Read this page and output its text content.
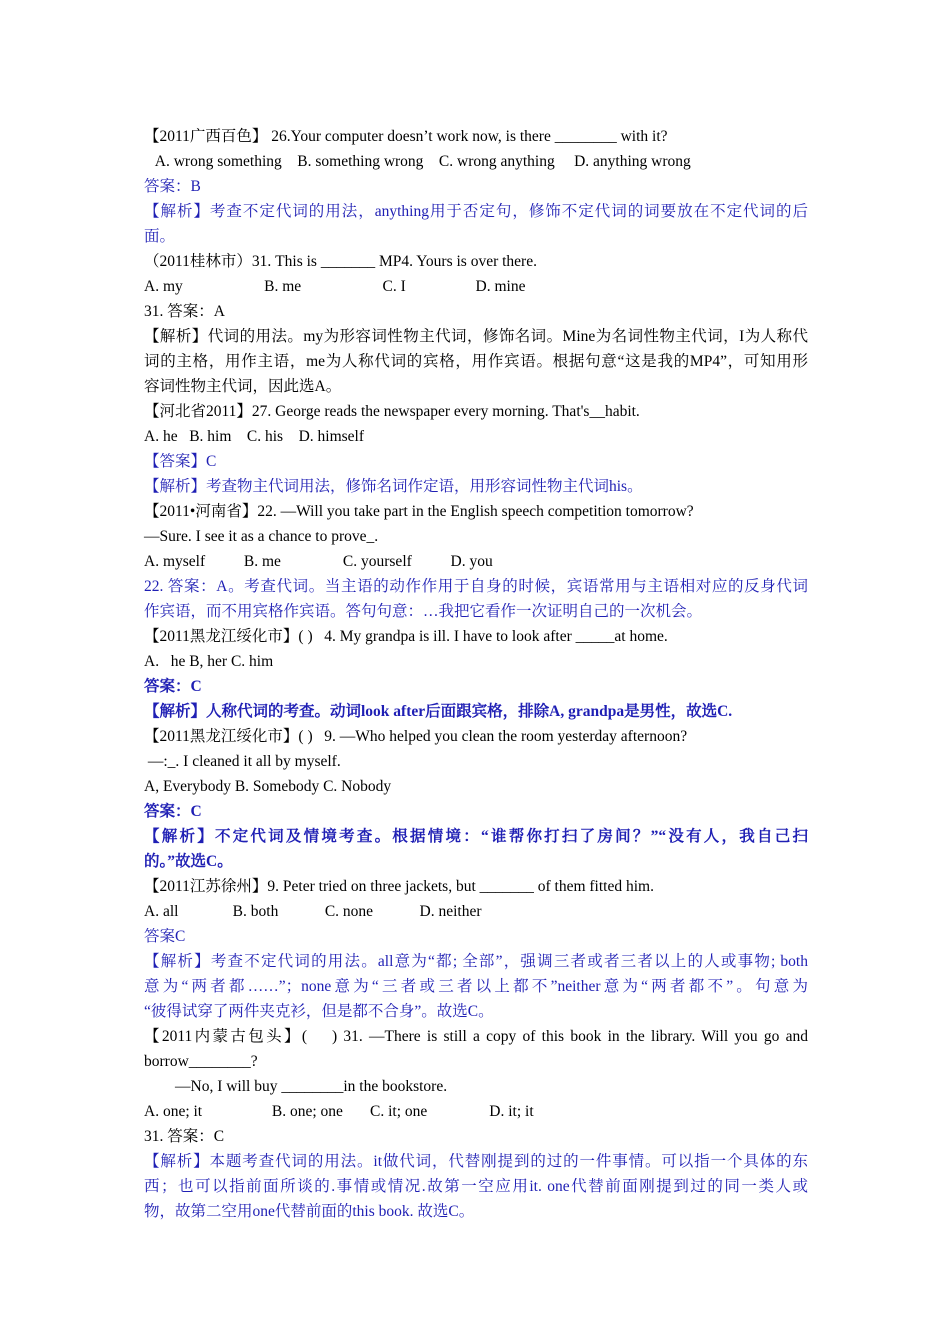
【2011广西百色】 26.Your computer doesn’t work now, is there ________ with it?
A. wrong something    B. something wrong    C. wrong anything     D. anything wrong
答案：B
【解析】考查不定代词的用法，anything用于否定句，修饰不定代词的词要放在不定代词的后
面。
（2011桂林市）31. This is _______ MP4. Yours is over there.
A. my                     B. me                     C. I                  D. mine
31. 答案：A
【解析】代词的用法。my为形容词性物主代词，修饰名词。Mine为名词性物主代词，I为人称代
词的主格，用作主语，me为人称代词的宾格，用作宾语。根据句意“这是我的MP4”，可知用形
容词性物主代词，因此选A。
【河北省2011】27. George reads the newspaper every morning. That's__habit.
A. he   B. him    C. his    D. himself
【答案】C
【解析】考查物主代词用法，修饰名词作定语，用形容词性物主代词his。
【2011•河南省】22. —Will you take part in the English speech competition tomorrow?
—Sure. I see it as a chance to prove_.
A. myself          B. me                C. yourself          D. you
22. 答案：A。考查代词。当主语的动作作用于自身的时候，宾语常用与主语相对应的反身代词
作宾语，而不用宾格作宾语。答句句意：…我把它看作一次证明自己的一次机会。
【2011黑龙江绥化市】( )   4. My grandpa is ill. I have to look after _____at home.
A.   he B, her C. him
答案：C
【解析】人称代词的考查。动词look after后面跟宾格，排除A, grandpa是男性，故选C.
【2011黑龙江绥化市】( )   9. —Who helped you clean the room yesterday afternoon?
—:_. I cleaned it all by myself.
A, Everybody B. Somebody C. Nobody
答案：C
【解析】不定代词及情境考查。根据情境：“谁帮你打扫了房间？”“没有人，我自己扫
的。”故选C。
【2011江苏徐州】9. Peter tried on three jackets, but _______ of them fitted him.
A. all              B. both            C. none            D. neither
答案C
【解析】考查不定代词的用法。all意为“都; 全部”，强调三者或者三者以上的人或事物; both
意为“两者都……”；none意为“三者或三者以上都不”neither意为“两者都不”。句意为
“彼得试穿了两件夹克衫，但是都不合身”。故选C。
【2011内蒙古包头】(    ) 31. —There is still a copy of this book in the library. Will you go and
borrow________?
—No, I will buy ________in the bookstore.
A. one; it                  B. one; one       C. it; one                D. it; it
31. 答案：C
【解析】本题考查代词的用法。it做代词，代替刚提到的过的一件事情。可以指一个具体的东
西；也可以指前面所谈的.事情或情况.故第一空应用it. one代替前面刚提到过的同一类人或
物，故第二空用one代替前面的this book. 故选C。
